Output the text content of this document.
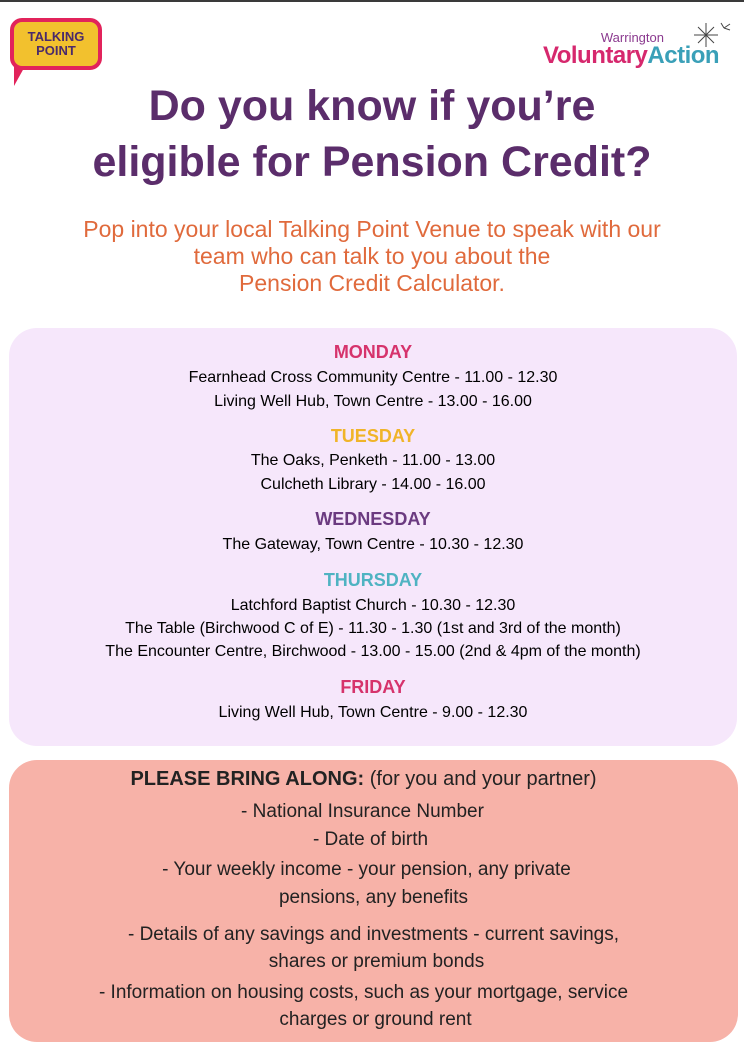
TALKING
POINT
Warrington
VoluntaryAction
Do you know if you’re
eligible for Pension Credit?
Pop into your local Talking Point Venue to speak with our
team who can talk to you about the
Pension Credit Calculator.
MONDAY
Fearnhead Cross Community Centre - 11.00 - 12.30
Living Well Hub, Town Centre - 13.00 - 16.00
TUESDAY
The Oaks, Penketh - 11.00 - 13.00
Culcheth Library - 14.00 - 16.00
WEDNESDAY
The Gateway, Town Centre - 10.30 - 12.30
THURSDAY
Latchford Baptist Church - 10.30 - 12.30
The Table (Birchwood C of E) - 11.30 - 1.30 (1st and 3rd of the month)
The Encounter Centre, Birchwood - 13.00 - 15.00 (2nd & 4pm of the month)
FRIDAY
Living Well Hub, Town Centre - 9.00 - 12.30
PLEASE BRING ALONG: (for you and your partner)
- National Insurance Number
- Date of birth
- Your weekly income - your pension, any private
pensions, any benefits
- Details of any savings and investments - current savings,
shares or premium bonds
- Information on housing costs, such as your mortgage, service
charges or ground rent
